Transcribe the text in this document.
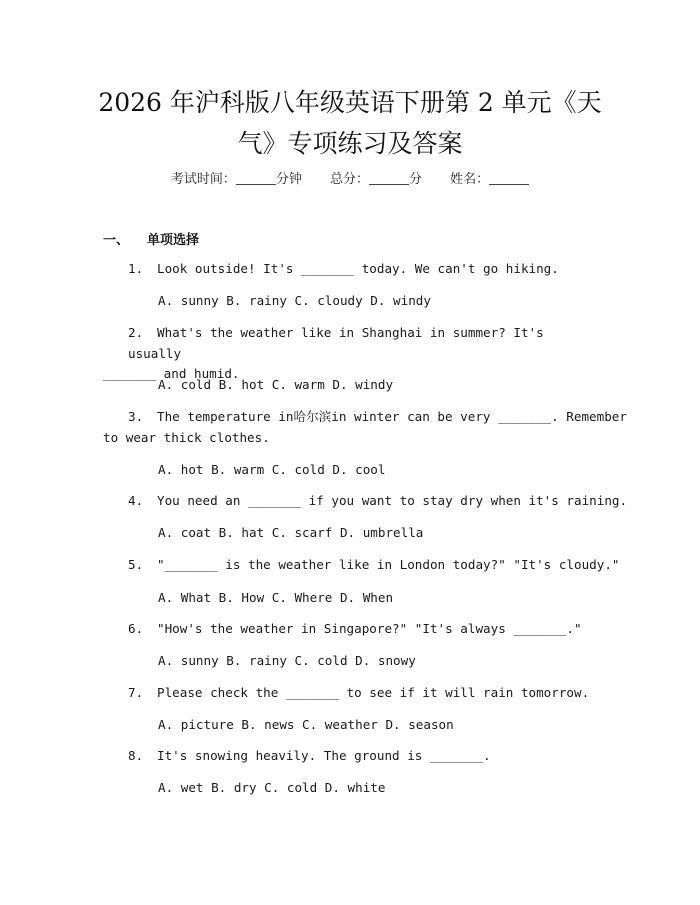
2026 年沪科版八年级英语下册第 2 单元《天
气》专项练习及答案
考试时间：	分钟 总分：	分 姓名：
一、 单项选择
1. Look outside! It's _______ today. We can't go hiking.
A. sunny B. rainy C. cloudy D. windy
2. What's the weather like in Shanghai in summer? It's usually
_______ and humid.
A. cold B. hot C. warm D. windy
3. The temperature in哈尔滨in winter can be very _______. Remember
to wear thick clothes.
A. hot B. warm C. cold D. cool
4. You need an _______ if you want to stay dry when it's raining.
A. coat B. hat C. scarf D. umbrella
5. "_______ is the weather like in London today?" "It's cloudy."
A. What B. How C. Where D. When
6. "How's the weather in Singapore?" "It's always _______."
A. sunny B. rainy C. cold D. snowy
7. Please check the _______ to see if it will rain tomorrow.
A. picture B. news C. weather D. season
8. It's snowing heavily. The ground is _______.
A. wet B. dry C. cold D. white
